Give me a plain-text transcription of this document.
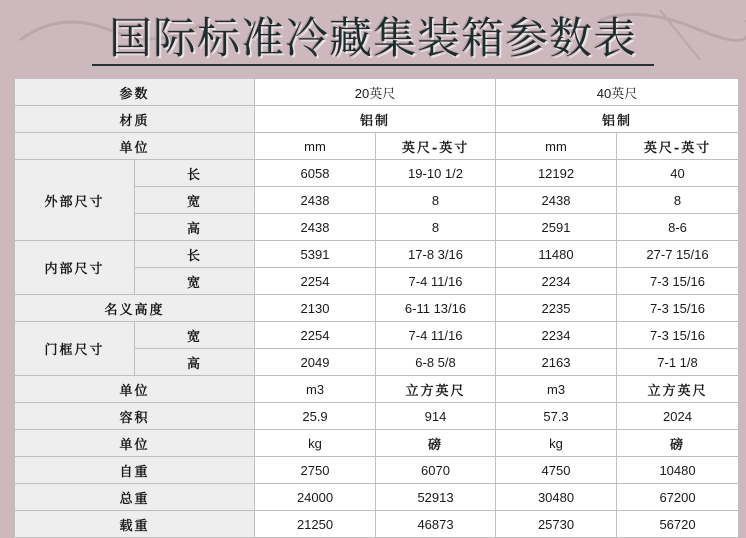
国际标准冷藏集装箱参数表
参数		20英尺		40英尺	
材质		铝制		铝制	
单位		mm	英尺-英寸	mm	英尺-英寸
外部尺寸	长	6058	19-10 1/2	12192	40
	宽	2438	8	2438	8
	高	2438	8	2591	8-6
内部尺寸	长	5391	17-8 3/16	11480	27-7 15/16
	宽	2254	7-4 11/16	2234	7-3 15/16
名义高度		2130	6-11 13/16	2235	7-3 15/16
门框尺寸	宽	2254	7-4 11/16	2234	7-3 15/16
	高	2049	6-8 5/8	2163	7-1 1/8
单位		m3	立方英尺	m3	立方英尺
容积		25.9	914	57.3	2024
单位		kg	磅	kg	磅
自重		2750	6070	4750	10480
总重		24000	52913	30480	67200
载重		21250	46873	25730	56720
